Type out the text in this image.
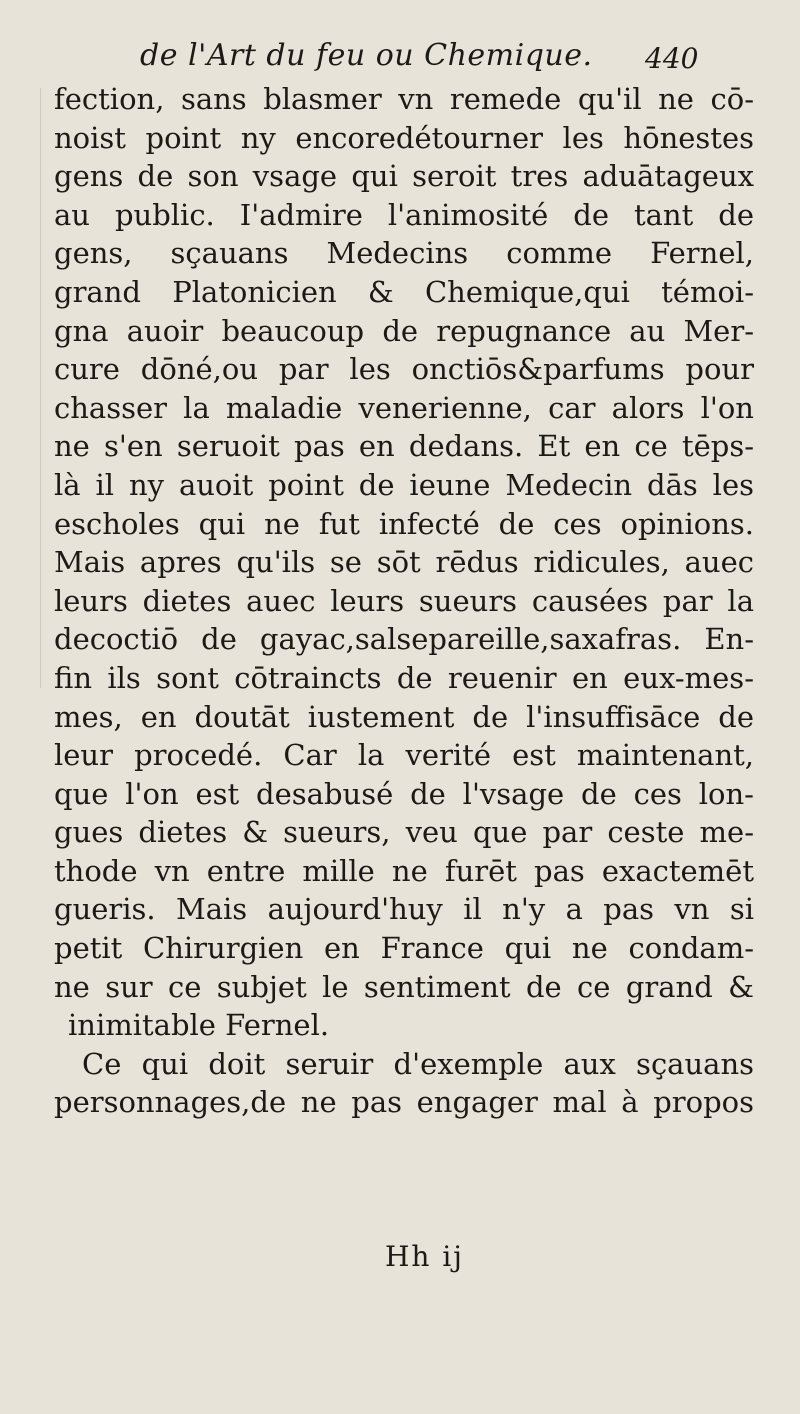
de l'Art du feu ou Chemique. 440
fection, sans blasmer vn remede qu'il ne cō-
noist point ny encoredétourner les hōnestes
gens de son vsage qui seroit tres aduātageux
au public. I'admire l'animosité de tant de
gens, sçauans Medecins comme Fernel,
grand Platonicien & Chemique,qui témoi-
gna auoir beaucoup de repugnance au Mer-
cure dōné,ou par les onctiōs&parfums pour
chasser la maladie venerienne, car alors l'on
ne s'en seruoit pas en dedans. Et en ce tēps-
là il ny auoit point de ieune Medecin dās les
escholes qui ne fut infecté de ces opinions.
Mais apres qu'ils se sōt rēdus ridicules, auec
leurs dietes auec leurs sueurs causées par la
decoctiō de gayac,salsepareille,saxafras. En-
fin ils sont cōtraincts de reuenir en eux-mes-
mes, en doutāt iustement de l'insuffisāce de
leur procedé. Car la verité est maintenant,
que l'on est desabusé de l'vsage de ces lon-
gues dietes & sueurs, veu que par ceste me-
thode vn entre mille ne furēt pas exactemēt
gueris. Mais aujourd'huy il n'y a pas vn si
petit Chirurgien en France qui ne condam-
ne sur ce subjet le sentiment de ce grand &
inimitable Fernel.
Ce qui doit seruir d'exemple aux sçauans
personnages,de ne pas engager mal à propos
Hh ij
